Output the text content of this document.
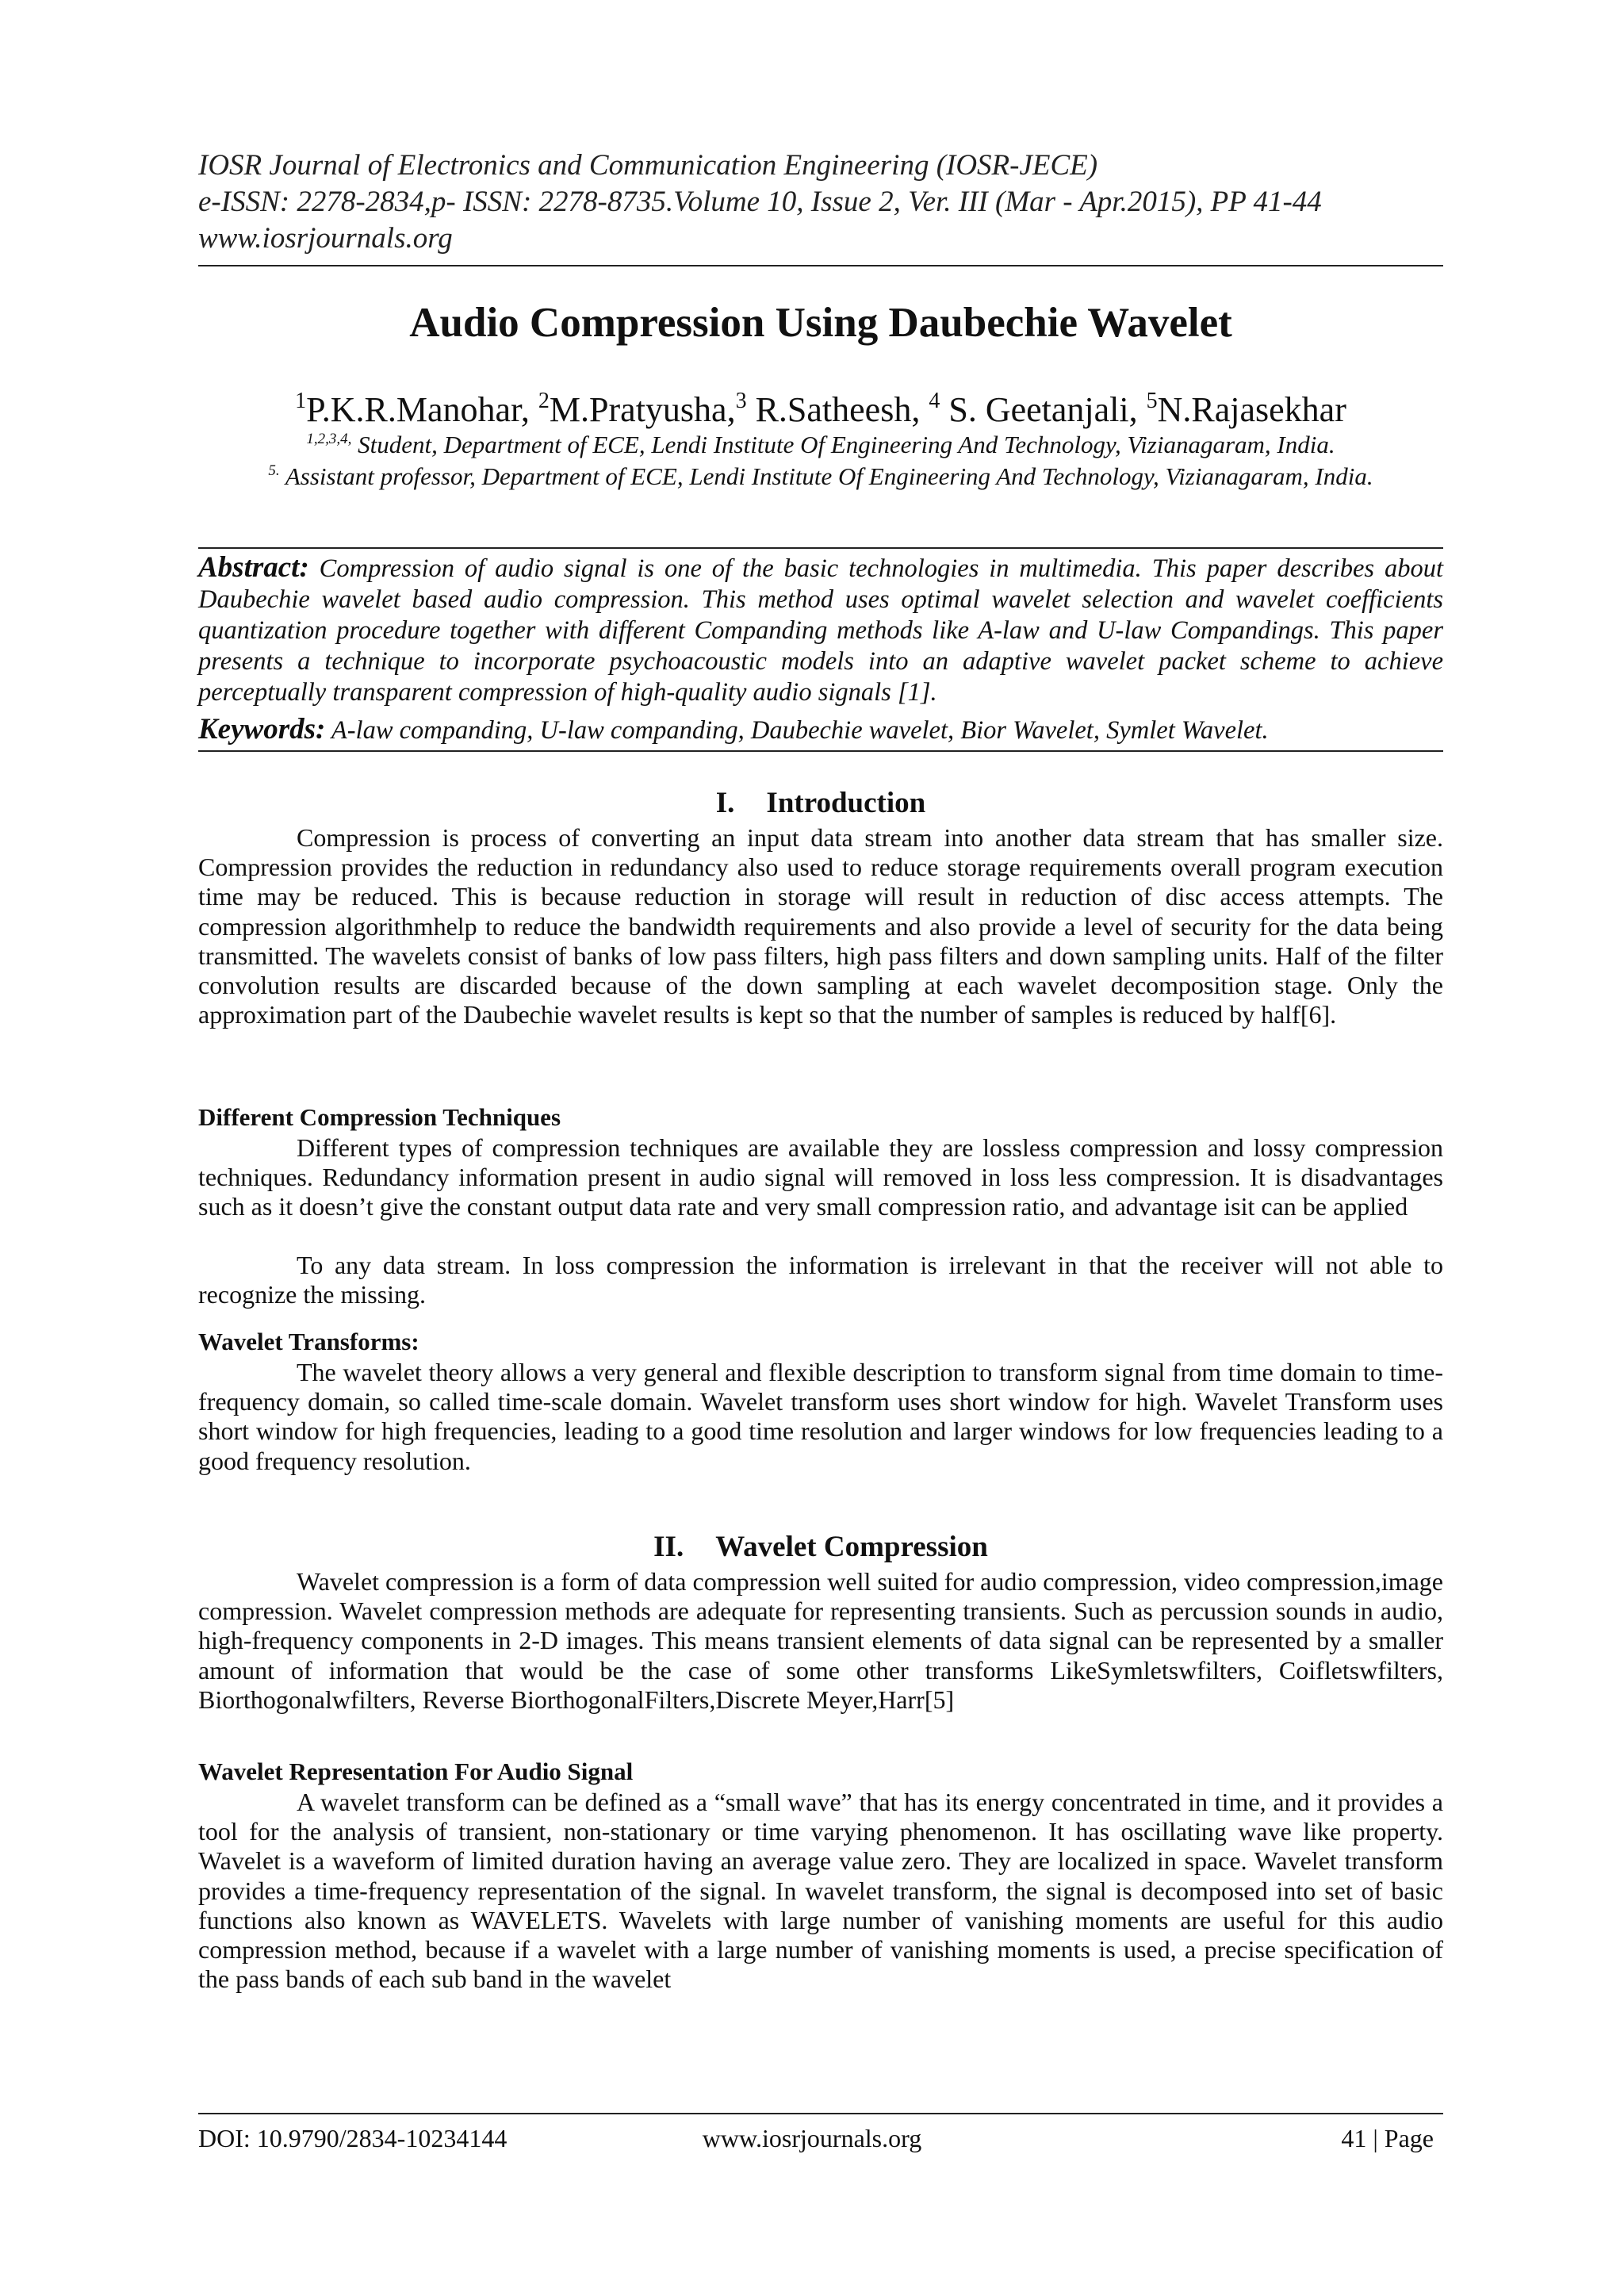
IOSR Journal of Electronics and Communication Engineering (IOSR-JECE)
e-ISSN: 2278-2834,p- ISSN: 2278-8735.Volume 10, Issue 2, Ver. III (Mar - Apr.2015), PP 41-44
www.iosrjournals.org
Audio Compression Using Daubechie Wavelet
$^1$P.K.R.Manohar, $^2$M.Pratyusha,$^3$ R.Satheesh, $^4$ S. Geetanjali, $^5$N.Rajasekhar
$^{1,2,3,4,}$ Student, Department of ECE, Lendi Institute Of Engineering And Technology, Vizianagaram, India.
$^{5.}$ Assistant professor, Department of ECE, Lendi Institute Of Engineering And Technology, Vizianagaram, India.
Abstract: Compression of audio signal is one of the basic technologies in multimedia. This paper describes about Daubechie wavelet based audio compression. This method uses optimal wavelet selection and wavelet coefficients quantization procedure together with different Companding methods like A-law and U-law Compandings. This paper presents a technique to incorporate psychoacoustic models into an adaptive wavelet packet scheme to achieve perceptually transparent compression of high-quality audio signals [1].
Keywords: A-law companding, U-law companding, Daubechie wavelet, Bior Wavelet, Symlet Wavelet.
I. Introduction

Compression is process of converting an input data stream into another data stream that has smaller size. Compression provides the reduction in redundancy also used to reduce storage requirements overall program execution time may be reduced. This is because reduction in storage will result in reduction of disc access attempts. The compression algorithmhelp to reduce the bandwidth requirements and also provide a level of security for the data being transmitted. The wavelets consist of banks of low pass filters, high pass filters and down sampling units. Half of the filter convolution results are discarded because of the down sampling at each wavelet decomposition stage. Only the approximation part of the Daubechie wavelet results is kept so that the number of samples is reduced by half[6].

Different Compression Techniques

Different types of compression techniques are available they are lossless compression and lossy compression techniques. Redundancy information present in audio signal will removed in loss less compression. It is disadvantages such as it doesn’t give the constant output data rate and very small compression ratio, and advantage isit can be applied

To any data stream. In loss compression the information is irrelevant in that the receiver will not able to recognize the missing.

Wavelet Transforms:

The wavelet theory allows a very general and flexible description to transform signal from time domain to time-frequency domain, so called time-scale domain. Wavelet transform uses short window for high. Wavelet Transform uses short window for high frequencies, leading to a good time resolution and larger windows for low frequencies leading to a good frequency resolution.

II. Wavelet Compression

Wavelet compression is a form of data compression well suited for audio compression, video compression,image compression. Wavelet compression methods are adequate for representing transients. Such as percussion sounds in audio, high-frequency components in 2-D images. This means transient elements of data signal can be represented by a smaller amount of information that would be the case of some other transforms LikeSymletswfilters, Coifletswfilters, Biorthogonalwfilters, Reverse BiorthogonalFilters,Discrete Meyer,Harr[5]

Wavelet Representation For Audio Signal

A wavelet transform can be defined as a “small wave” that has its energy concentrated in time, and it provides a tool for the analysis of transient, non-stationary or time varying phenomenon. It has oscillating wave like property. Wavelet is a waveform of limited duration having an average value zero. They are localized in space. Wavelet transform provides a time-frequency representation of the signal. In wavelet transform, the signal is decomposed into set of basic functions also known as WAVELETS. Wavelets with large number of vanishing moments are useful for this audio compression method, because if a wavelet with a large number of vanishing moments is used, a precise specification of the pass bands of each sub band in the wavelet

DOI: 10.9790/2834-10234144	www.iosrjournals.org	41 | Page
